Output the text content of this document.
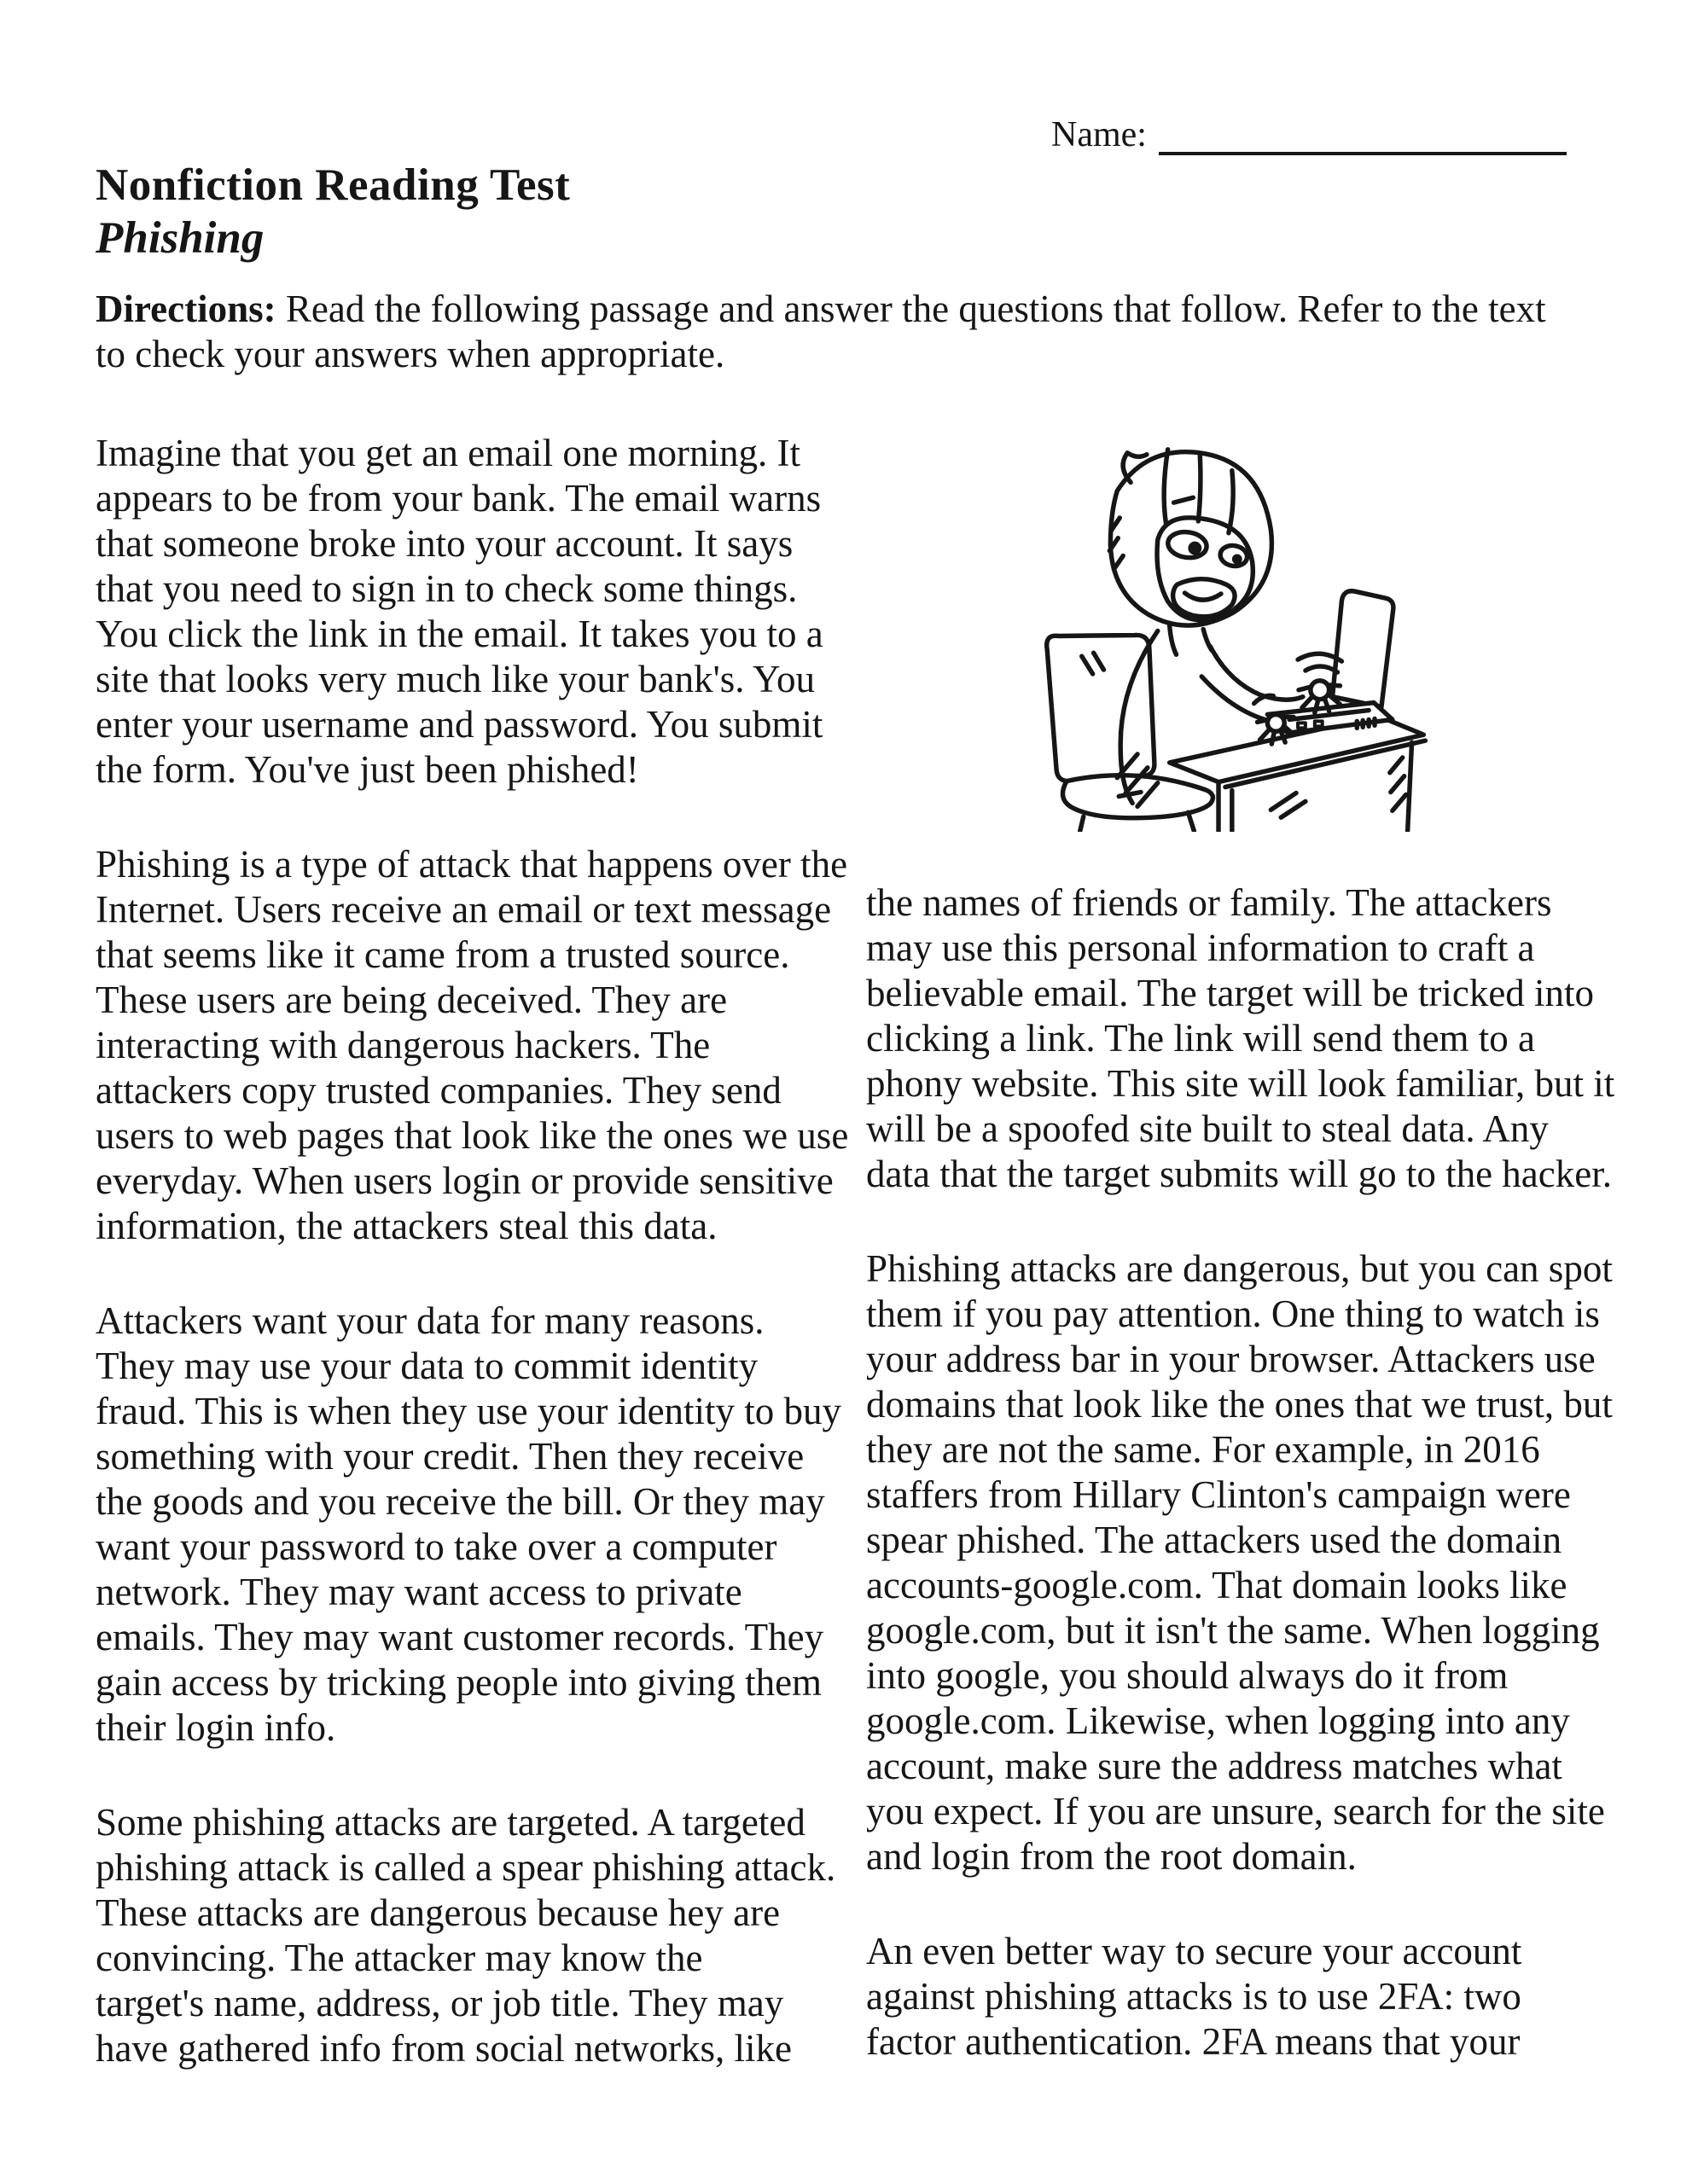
Name:
Nonfiction Reading Test
Phishing
Directions: Read the following passage and answer the questions that follow. Refer to the text
to check your answers when appropriate.
Imagine that you get an email one morning. It
appears to be from your bank. The email warns
that someone broke into your account. It says
that you need to sign in to check some things.
You click the link in the email. It takes you to a
site that looks very much like your bank's. You
enter your username and password. You submit
the form. You've just been phished!
Phishing is a type of attack that happens over the
Internet. Users receive an email or text message
that seems like it came from a trusted source.
These users are being deceived. They are
interacting with dangerous hackers. The
attackers copy trusted companies. They send
users to web pages that look like the ones we use
everyday. When users login or provide sensitive
information, the attackers steal this data.
Attackers want your data for many reasons.
They may use your data to commit identity
fraud. This is when they use your identity to buy
something with your credit. Then they receive
the goods and you receive the bill. Or they may
want your password to take over a computer
network. They may want access to private
emails. They may want customer records. They
gain access by tricking people into giving them
their login info.
Some phishing attacks are targeted. A targeted
phishing attack is called a spear phishing attack.
These attacks are dangerous because hey are
convincing. The attacker may know the
target's name, address, or job title. They may
have gathered info from social networks, like
the names of friends or family. The attackers
may use this personal information to craft a
believable email. The target will be tricked into
clicking a link. The link will send them to a
phony website. This site will look familiar, but it
will be a spoofed site built to steal data. Any
data that the target submits will go to the hacker.
Phishing attacks are dangerous, but you can spot
them if you pay attention. One thing to watch is
your address bar in your browser. Attackers use
domains that look like the ones that we trust, but
they are not the same. For example, in 2016
staffers from Hillary Clinton's campaign were
spear phished. The attackers used the domain
accounts-google.com. That domain looks like
google.com, but it isn't the same. When logging
into google, you should always do it from
google.com. Likewise, when logging into any
account, make sure the address matches what
you expect. If you are unsure, search for the site
and login from the root domain.
An even better way to secure your account
against phishing attacks is to use 2FA: two
factor authentication. 2FA means that your
